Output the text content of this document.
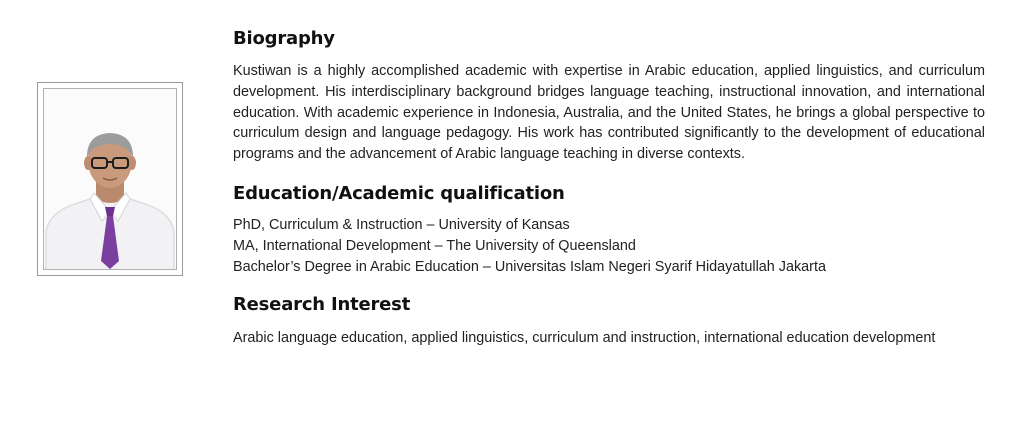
Biography

Kustiwan is a highly accomplished academic with expertise in Arabic education, applied linguistics, and curriculum development. His interdisciplinary background bridges language teaching, instructional innovation, and international education. With academic experience in Indonesia, Australia, and the United States, he brings a global perspective to curriculum design and language pedagogy. His work has contributed significantly to the development of educational programs and the advancement of Arabic language teaching in diverse contexts.

Education/Academic qualification
PhD, Curriculum & Instruction – University of Kansas
MA, International Development – The University of Queensland
Bachelor’s Degree in Arabic Education – Universitas Islam Negeri Syarif Hidayatullah Jakarta
Research Interest

Arabic language education, applied linguistics, curriculum and instruction, international education development
